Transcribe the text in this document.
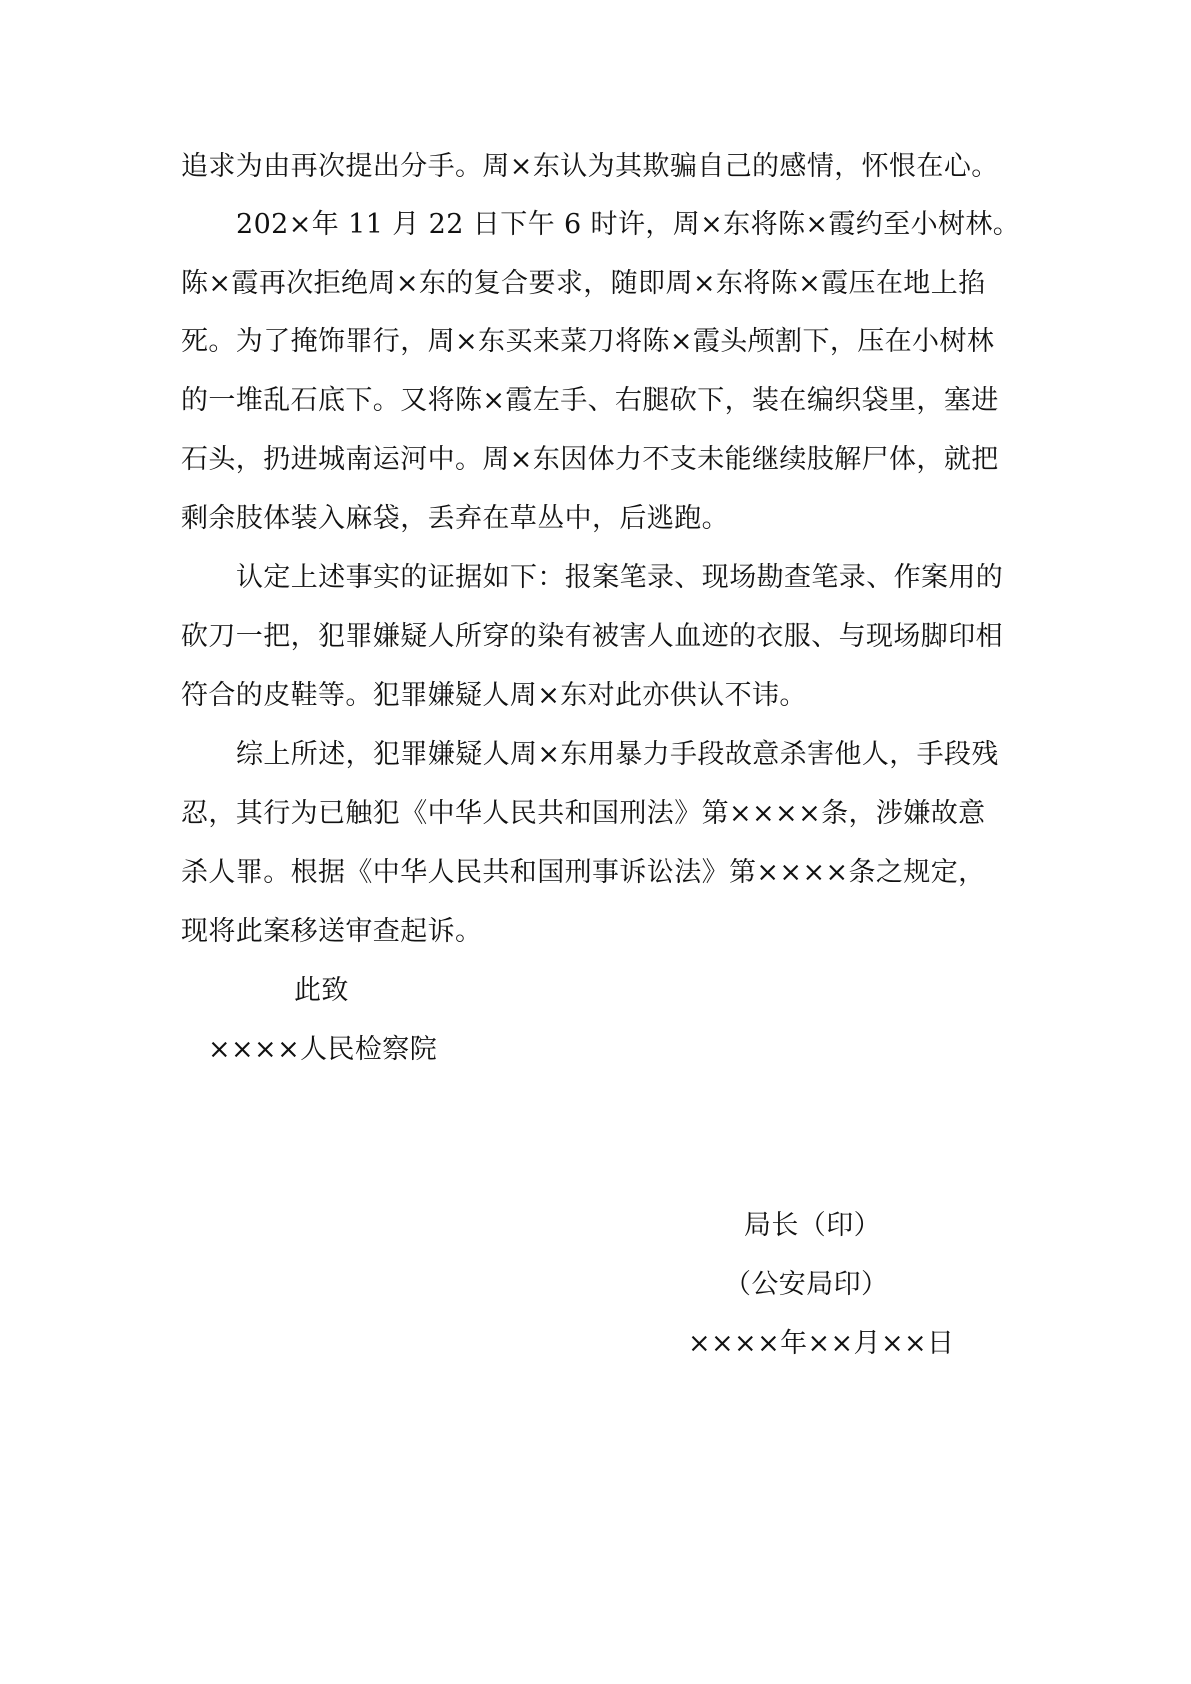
追求为由再次提出分手。周×东认为其欺骗自己的感情，怀恨在心。
202×年 11 月 22 日下午 6 时许，周×东将陈×霞约至小树林。
陈×霞再次拒绝周×东的复合要求，随即周×东将陈×霞压在地上掐
死。为了掩饰罪行，周×东买来菜刀将陈×霞头颅割下，压在小树林
的一堆乱石底下。又将陈×霞左手、右腿砍下，装在编织袋里，塞进
石头，扔进城南运河中。周×东因体力不支未能继续肢解尸体，就把
剩余肢体装入麻袋，丢弃在草丛中，后逃跑。
认定上述事实的证据如下：报案笔录、现场勘查笔录、作案用的
砍刀一把，犯罪嫌疑人所穿的染有被害人血迹的衣服、与现场脚印相
符合的皮鞋等。犯罪嫌疑人周×东对此亦供认不讳。
综上所述，犯罪嫌疑人周×东用暴力手段故意杀害他人，手段残
忍，其行为已触犯《中华人民共和国刑法》第××××条，涉嫌故意
杀人罪。根据《中华人民共和国刑事诉讼法》第××××条之规定，
现将此案移送审查起诉。
此致
××××人民检察院
局长（印）
（公安局印）
××××年××月××日
